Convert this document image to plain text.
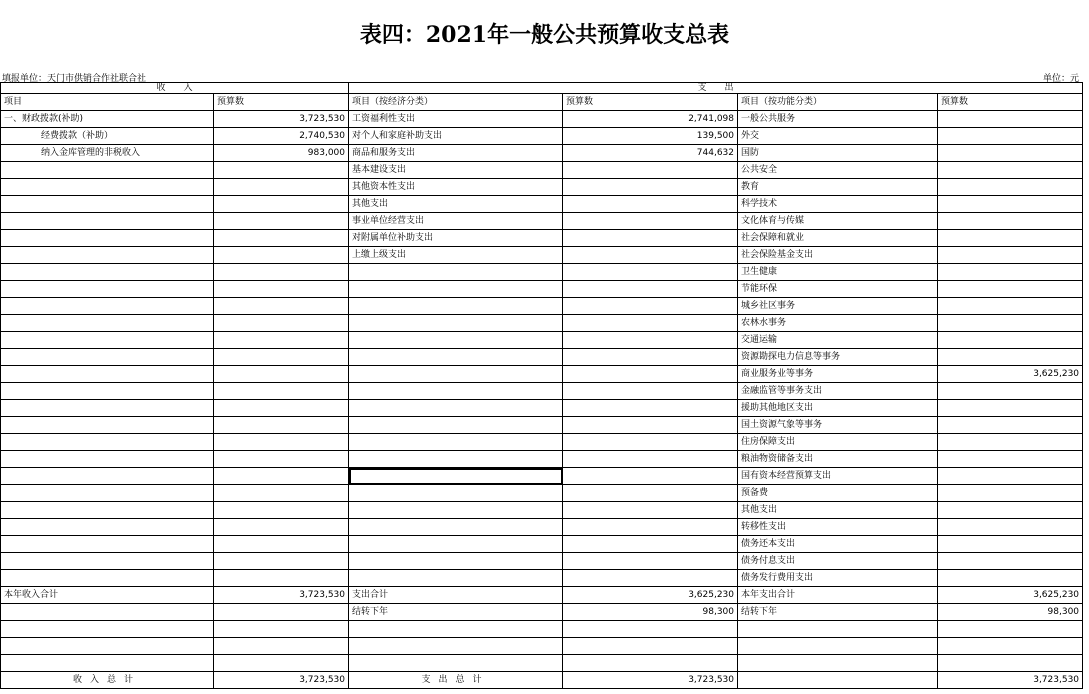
表四：2021年一般公共预算收支总表
填报单位：天门市供销合作社联合社	单位：元
收　　入		支　　出			
项目	预算数	项目（按经济分类）	预算数	项目（按功能分类）	预算数
一、财政拨款(补助)	3,723,530	工资福利性支出	2,741,098	一般公共服务	
经费拨款（补助）	2,740,530	对个人和家庭补助支出	139,500	外交	
纳入金库管理的非税收入	983,000	商品和服务支出	744,632	国防	
		基本建设支出		公共安全	
		其他资本性支出		教育	
		其他支出		科学技术	
		事业单位经营支出		文化体育与传媒	
		对附属单位补助支出		社会保障和就业	
		上缴上级支出		社会保险基金支出	
				卫生健康	
				节能环保	
				城乡社区事务	
				农林水事务	
				交通运输	
				资源勘探电力信息等事务	
				商业服务业等事务	3,625,230
				金融监管等事务支出	
				援助其他地区支出	
				国土资源气象等事务	
				住房保障支出	
				粮油物资储备支出	
				国有资本经营预算支出	
				预备费	
				其他支出	
				转移性支出	
				债务还本支出	
				债务付息支出	
				债务发行费用支出	
本年收入合计	3,723,530	支出合计	3,625,230	本年支出合计	3,625,230
		结转下年	98,300	结转下年	98,300

收入总计	3,723,530	支出总计	3,723,530		3,723,530
